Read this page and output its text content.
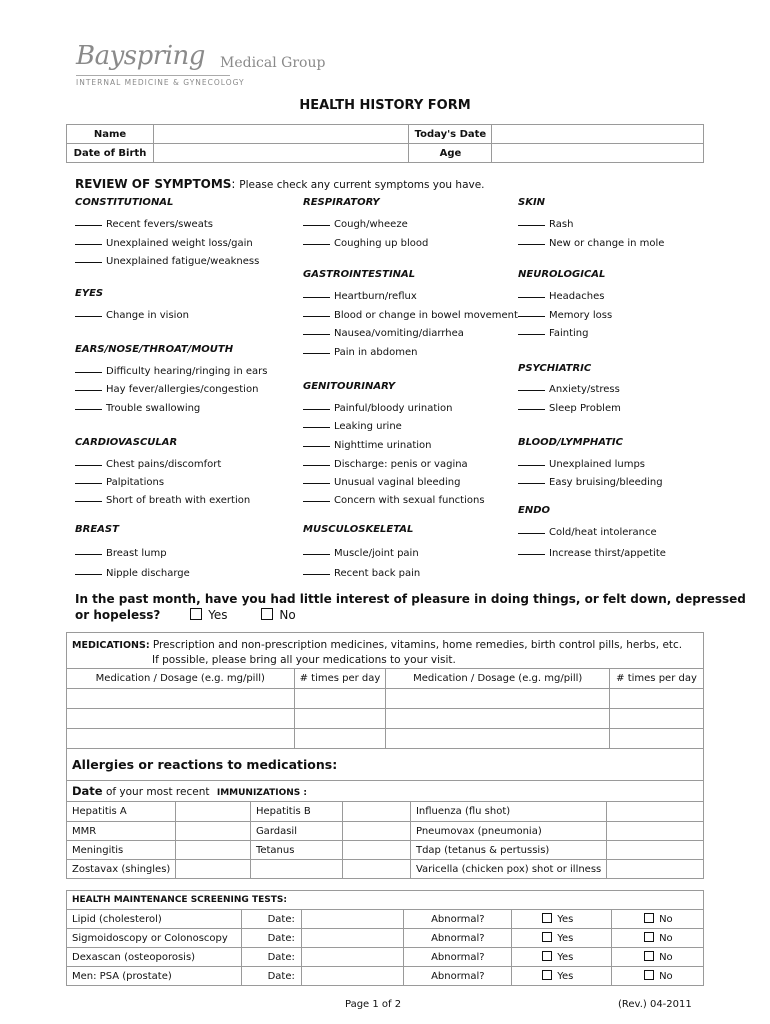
Bayspring Medical Group
INTERNAL MEDICINE & GYNECOLOGY
HEALTH HISTORY FORM
Name		Today's Date	
Date of Birth		Age	
REVIEW OF SYMPTOMS: Please check any current symptoms you have.
CONSTITUTIONAL
Recent fevers/sweats
Unexplained weight loss/gain
Unexplained fatigue/weakness
EYES
Change in vision
EARS/NOSE/THROAT/MOUTH
Difficulty hearing/ringing in ears
Hay fever/allergies/congestion
Trouble swallowing
CARDIOVASCULAR
Chest pains/discomfort
Palpitations
Short of breath with exertion
BREAST
Breast lump
Nipple discharge
RESPIRATORY
Cough/wheeze
Coughing up blood
GASTROINTESTINAL
Heartburn/reflux
Blood or change in bowel movement
Nausea/vomiting/diarrhea
Pain in abdomen
GENITOURINARY
Painful/bloody urination
Leaking urine
Nighttime urination
Discharge: penis or vagina
Unusual vaginal bleeding
Concern with sexual functions
MUSCULOSKELETAL
Muscle/joint pain
Recent back pain
SKIN
Rash
New or change in mole
NEUROLOGICAL
Headaches
Memory loss
Fainting
PSYCHIATRIC
Anxiety/stress
Sleep Problem
BLOOD/LYMPHATIC
Unexplained lumps
Easy bruising/bleeding
ENDO
Cold/heat intolerance
Increase thirst/appetite
In the past month, have you had little interest of pleasure in doing things, or felt down, depressed
or hopeless?	Yes	No
MEDICATIONS: Prescription and non-prescription medicines, vitamins, home remedies, birth control pills, herbs, etc.
If possible, please bring all your medications to your visit.			
Medication / Dosage (e.g. mg/pill)	# times per day	Medication / Dosage (e.g. mg/pill)	# times per day

Allergies or reactions to medications:			
Date of your most recent IMMUNIZATIONS :					
Hepatitis A		Hepatitis B		Influenza (flu shot)	
MMR		Gardasil		Pneumovax (pneumonia)	
Meningitis		Tetanus		Tdap (tetanus & pertussis)	
Zostavax (shingles)				Varicella (chicken pox) shot or illness	
HEALTH MAINTENANCE SCREENING TESTS:					
Lipid (cholesterol)	Date:		Abnormal?	Yes	No
Sigmoidoscopy or Colonoscopy	Date:		Abnormal?	Yes	No
Dexascan (osteoporosis)	Date:		Abnormal?	Yes	No
Men: PSA (prostate)	Date:		Abnormal?	Yes	No
Page 1 of 2	(Rev.) 04-2011
